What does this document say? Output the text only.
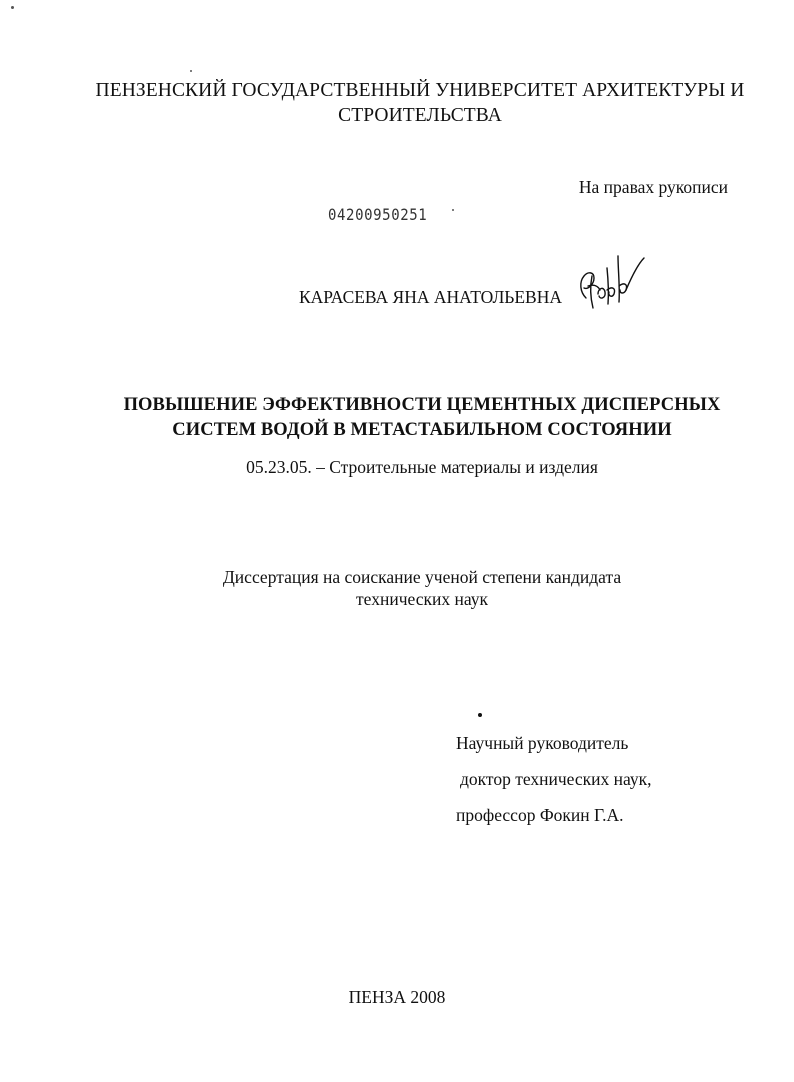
ПЕНЗЕНСКИЙ ГОСУДАРСТВЕННЫЙ УНИВЕРСИТЕТ АРХИТЕКТУРЫ И
СТРОИТЕЛЬСТВА
На правах рукописи
04200950251
КАРАСЕВА ЯНА АНАТОЛЬЕВНА
ПОВЫШЕНИЕ ЭФФЕКТИВНОСТИ ЦЕМЕНТНЫХ ДИСПЕРСНЫХ
СИСТЕМ ВОДОЙ В МЕТАСТАБИЛЬНОМ СОСТОЯНИИ
05.23.05. – Строительные материалы и изделия
Диссертация на соискание ученой степени кандидата
технических наук
Научный руководитель
доктор технических наук,
профессор Фокин Г.А.
ПЕНЗА 2008
